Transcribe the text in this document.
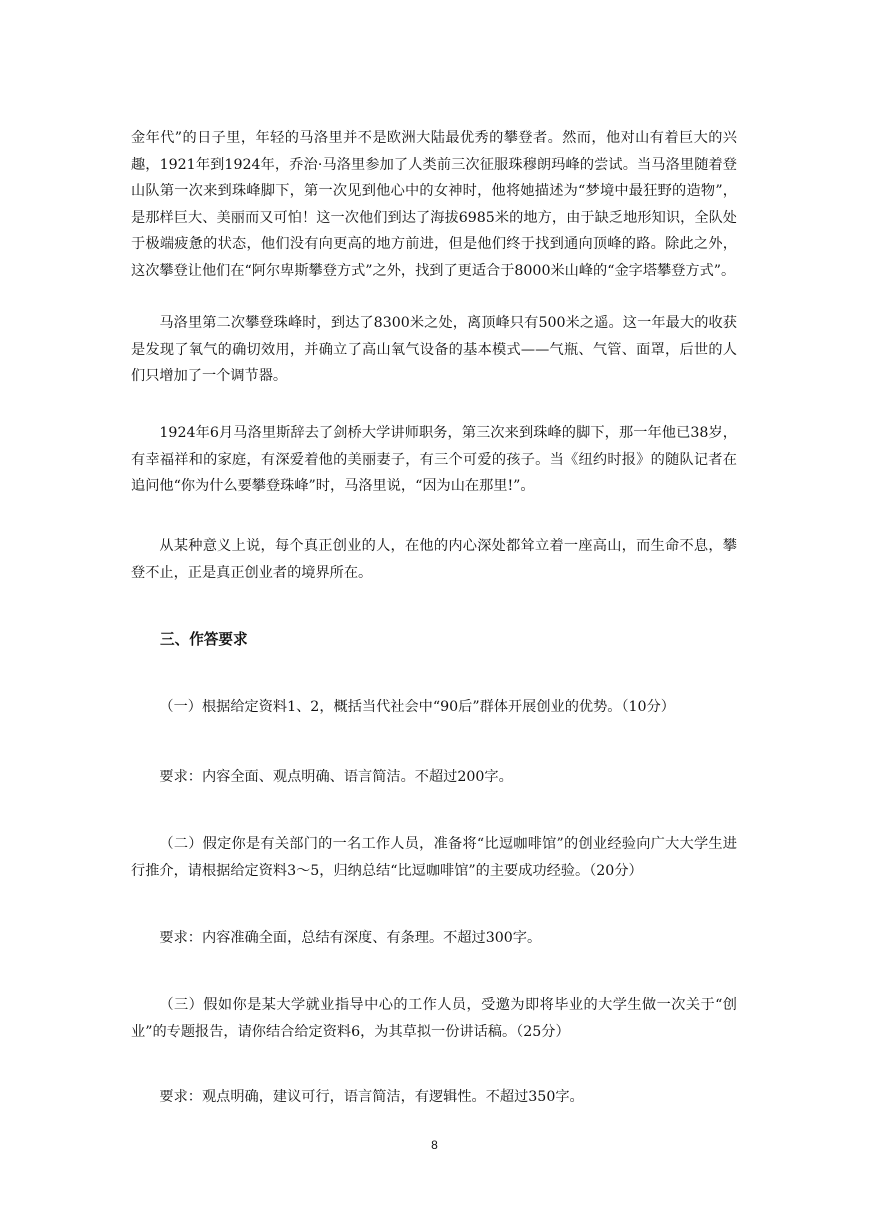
金年代”的日子里，年轻的马洛里并不是欧洲大陆最优秀的攀登者。然而，他对山有着巨大的兴趣，1921年到1924年，乔治·马洛里参加了人类前三次征服珠穆朗玛峰的尝试。当马洛里随着登山队第一次来到珠峰脚下，第一次见到他心中的女神时，他将她描述为“梦境中最狂野的造物”，是那样巨大、美丽而又可怕！这一次他们到达了海拔6985米的地方，由于缺乏地形知识，全队处于极端疲惫的状态，他们没有向更高的地方前进，但是他们终于找到通向顶峰的路。除此之外，这次攀登让他们在“阿尔卑斯攀登方式”之外，找到了更适合于8000米山峰的“金字塔攀登方式”。

马洛里第二次攀登珠峰时，到达了8300米之处，离顶峰只有500米之遥。这一年最大的收获是发现了氧气的确切效用，并确立了高山氧气设备的基本模式——气瓶、气管、面罩，后世的人们只增加了一个调节器。

1924年6月马洛里斯辞去了剑桥大学讲师职务，第三次来到珠峰的脚下，那一年他已38岁，有幸福祥和的家庭，有深爱着他的美丽妻子，有三个可爱的孩子。当《纽约时报》的随队记者在追问他“你为什么要攀登珠峰”时，马洛里说，“因为山在那里!”。

从某种意义上说，每个真正创业的人，在他的内心深处都耸立着一座高山，而生命不息，攀登不止，正是真正创业者的境界所在。

三、作答要求

（一）根据给定资料1、2，概括当代社会中“90后”群体开展创业的优势。（10分）

要求：内容全面、观点明确、语言简洁。不超过200字。

（二）假定你是有关部门的一名工作人员，准备将“比逗咖啡馆”的创业经验向广大大学生进行推介，请根据给定资料3～5，归纳总结“比逗咖啡馆”的主要成功经验。（20分）

要求：内容准确全面，总结有深度、有条理。不超过300字。

（三）假如你是某大学就业指导中心的工作人员，受邀为即将毕业的大学生做一次关于“创业”的专题报告，请你结合给定资料6，为其草拟一份讲话稿。（25分）

要求：观点明确，建议可行，语言简洁，有逻辑性。不超过350字。

8
